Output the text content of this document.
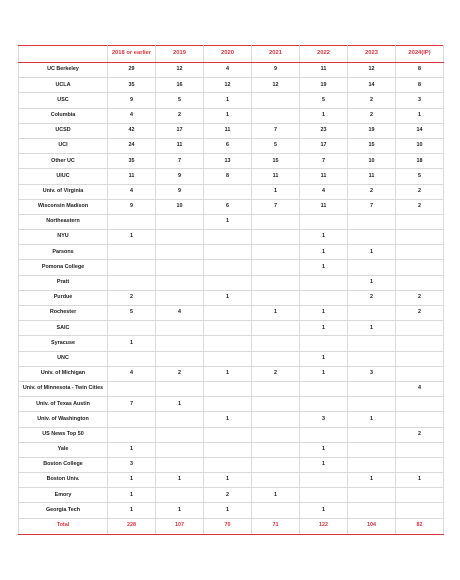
	2018 or earlier	2019	2020	2021	2022	2023	2024(IP)
UC Berkeley	29	12	4	9	11	12	8
UCLA	35	16	12	12	19	14	8
USC	9	5	1		5	2	3
Columbia	4	2	1		1	2	1
UCSD	42	17	11	7	23	19	14
UCI	24	11	6	5	17	15	10
Other UC	35	7	13	15	7	10	18
UIUC	11	9	8	11	11	11	5
Univ. of Virginia	4	9		1	4	2	2
Wisconsin Madison	9	10	6	7	11	7	2
Northeastern			1				
NYU	1				1		
Parsons					1	1	
Pomona College					1		
Pratt						1	
Purdue	2		1			2	2
Rochester	5	4		1	1		2
SAIC					1	1	
Syracuse	1						
UNC					1		
Univ. of Michigan	4	2	1	2	1	3	
Univ. of Minnesota - Twin Cities							4
Univ. of Texas Austin	7	1					
Univ. of Washington			1		3	1	
US News Top 50							2
Yale	1				1		
Boston College	3				1		
Boston Univ.	1	1	1			1	1
Emory	1		2	1			
Georgia Tech	1	1	1		1		
Total	228	107	70	71	122	104	82
